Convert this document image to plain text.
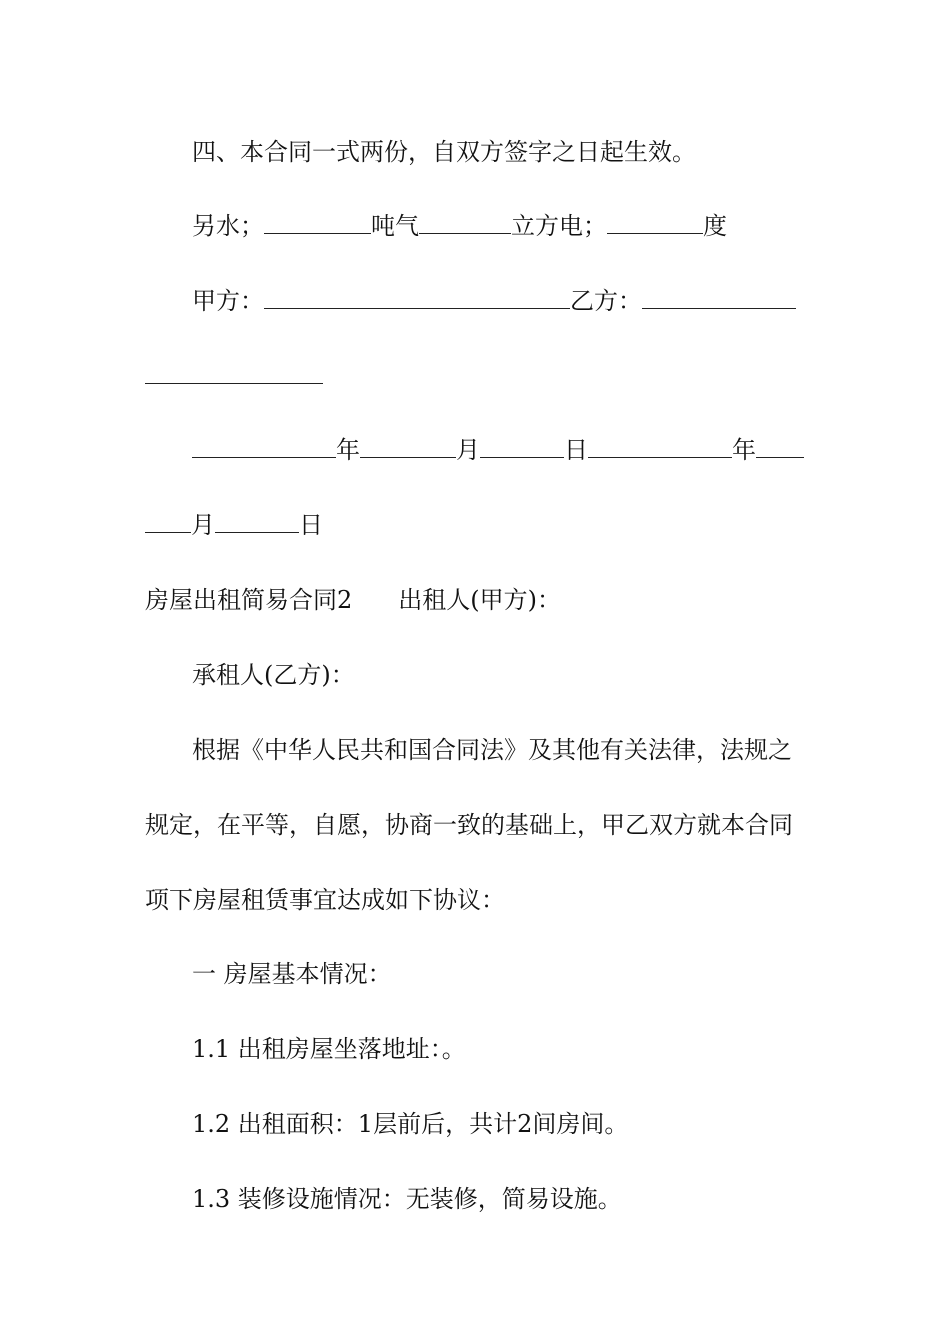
四、本合同一式两份，自双方签字之日起生效。
另水；	吨气	立方电；	度
甲方：	乙方：
年	月	日	年
月	日
房屋出租简易合同2 出租人(甲方)：
承租人(乙方)：
根据《中华人民共和国合同法》及其他有关法律，法规之
规定，在平等，自愿，协商一致的基础上，甲乙双方就本合同
项下房屋租赁事宜达成如下协议：
一 房屋基本情况：
1.1 出租房屋坐落地址：。
1.2 出租面积：1层前后，共计2间房间。
1.3 装修设施情况：无装修，简易设施。
